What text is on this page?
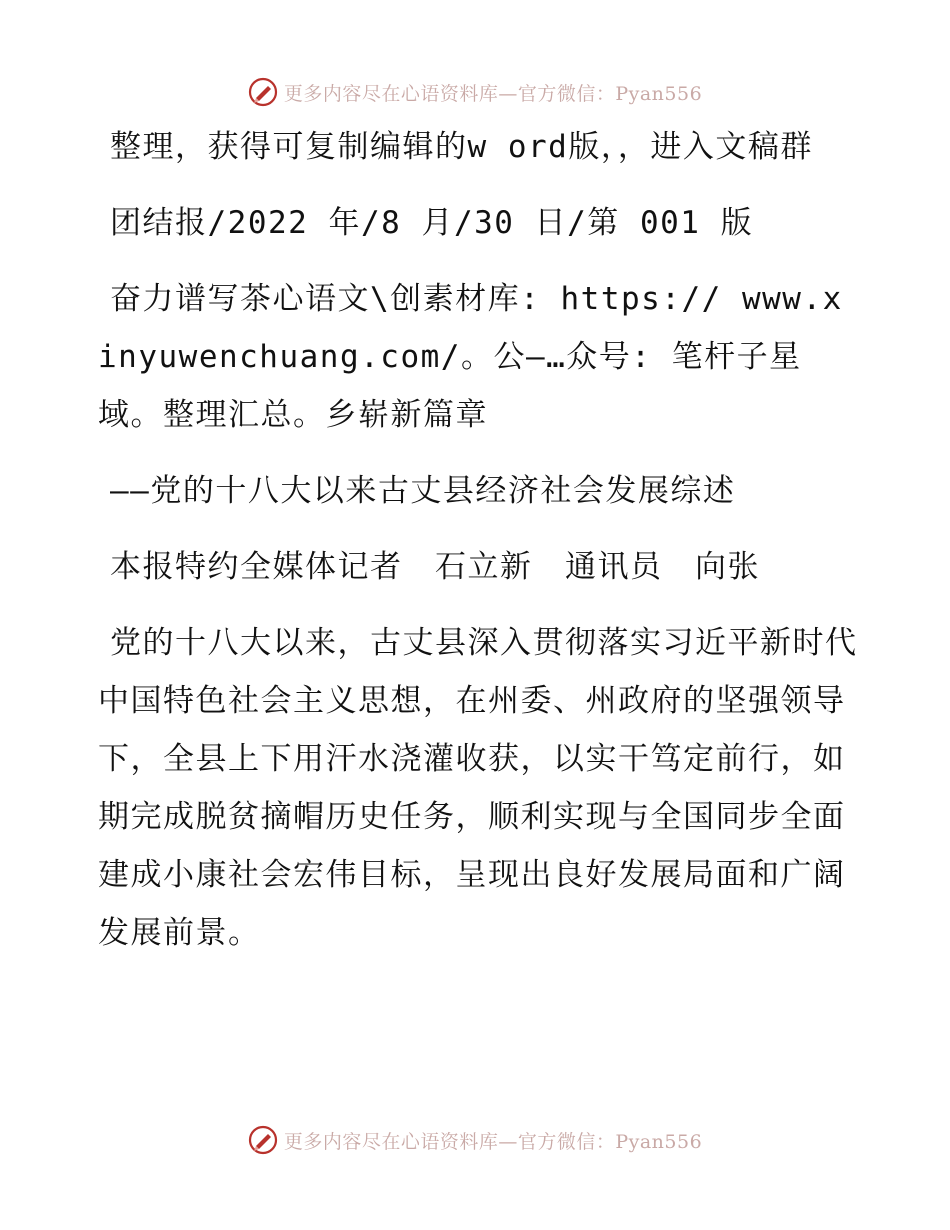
更多内容尽在心语资料库—官方微信：Pyan556

整理，获得可复制编辑的w ord版，，进入文稿群

团结报/2022 年/8 月/30 日/第 001 版

奋力谱写茶心语文\创素材库: https:// www.xinyuwenchuang.com/。公—…众号: 笔杆子星域。整理汇总。乡崭新篇章

——党的十八大以来古丈县经济社会发展综述

本报特约全媒体记者　石立新　通讯员　向张

党的十八大以来，古丈县深入贯彻落实习近平新时代中国特色社会主义思想，在州委、州政府的坚强领导下，全县上下用汗水浇灌收获，以实干笃定前行，如期完成脱贫摘帽历史任务，顺利实现与全国同步全面建成小康社会宏伟目标，呈现出良好发展局面和广阔发展前景。

更多内容尽在心语资料库—官方微信：Pyan556
